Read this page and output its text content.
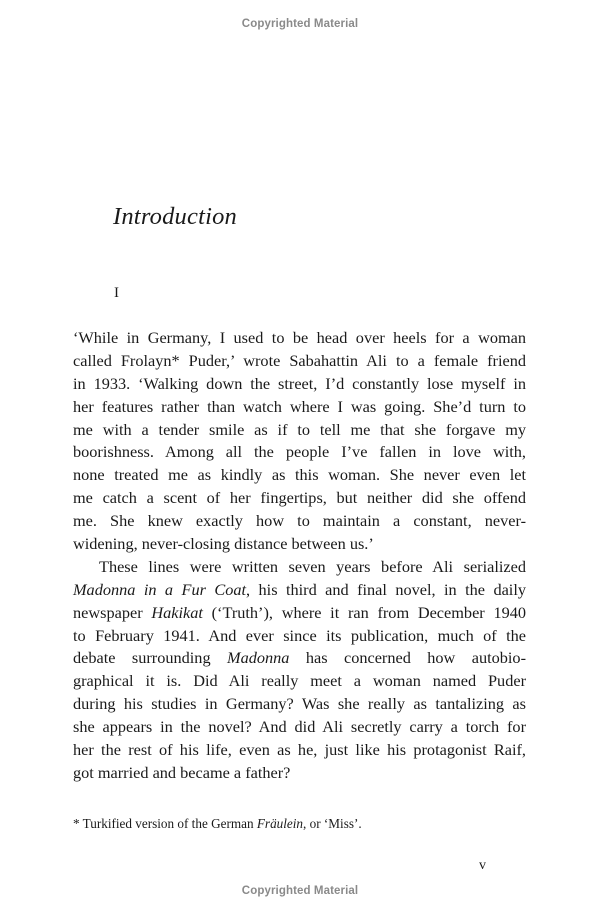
Copyrighted Material
Introduction
I
‘While in Germany, I used to be head over heels for a woman
called Frolayn* Puder,’ wrote Sabahattin Ali to a female friend
in 1933. ‘Walking down the street, I’d constantly lose myself in
her features rather than watch where I was going. She’d turn to
me with a tender smile as if to tell me that she forgave my
boorishness. Among all the people I’ve fallen in love with,
none treated me as kindly as this woman. She never even let
me catch a scent of her fingertips, but neither did she offend
me. She knew exactly how to maintain a constant, never-
widening, never-closing distance between us.’
These lines were written seven years before Ali serialized
Madonna in a Fur Coat, his third and final novel, in the daily
newspaper Hakikat (‘Truth’), where it ran from December 1940
to February 1941. And ever since its publication, much of the
debate surrounding Madonna has concerned how autobio-
graphical it is. Did Ali really meet a woman named Puder
during his studies in Germany? Was she really as tantalizing as
she appears in the novel? And did Ali secretly carry a torch for
her the rest of his life, even as he, just like his protagonist Raif,
got married and became a father?
* Turkified version of the German Fräulein, or ‘Miss’.
v
Copyrighted Material
